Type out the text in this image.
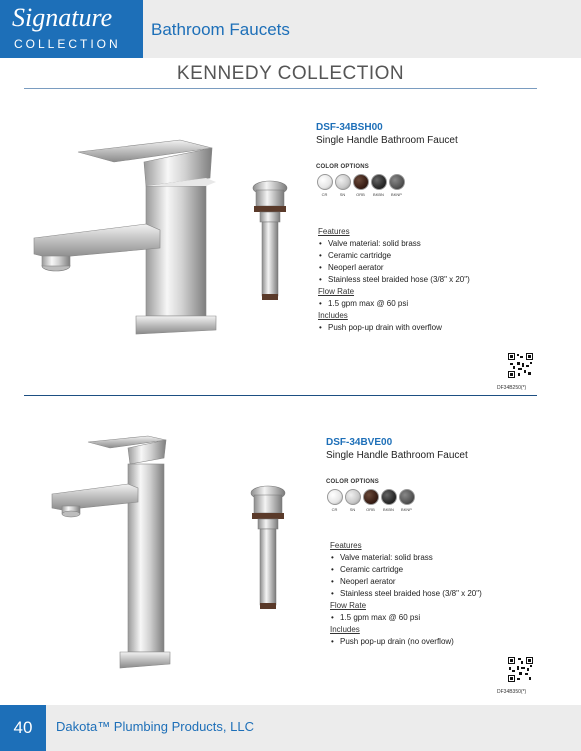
Signature
COLLECTION
Bathroom Faucets
KENNEDY COLLECTION
DSF-34BSH00
Single Handle Bathroom Faucet
COLOR OPTIONS
CR	SN	ORB BKBN BKNP
Features
• Valve material: solid brass
• Ceramic cartridge
• Neoperl aerator
• Stainless steel braided hose (3/8" x 20")
Flow Rate
• 1.5 gpm max @ 60 psi
Includes
• Push pop-up drain with overflow
DF34B250(*)
DSF-34BVE00
Single Handle Bathroom Faucet
COLOR OPTIONS
CR	SN	ORB BKBN BKNP
Features
• Valve material: solid brass
• Ceramic cartridge
• Neoperl aerator
• Stainless steel braided hose (3/8" x 20")
Flow Rate
• 1.5 gpm max @ 60 psi
Includes
• Push pop-up drain (no overflow)
DF34B350(*)
40	Dakota™ Plumbing Products, LLC
